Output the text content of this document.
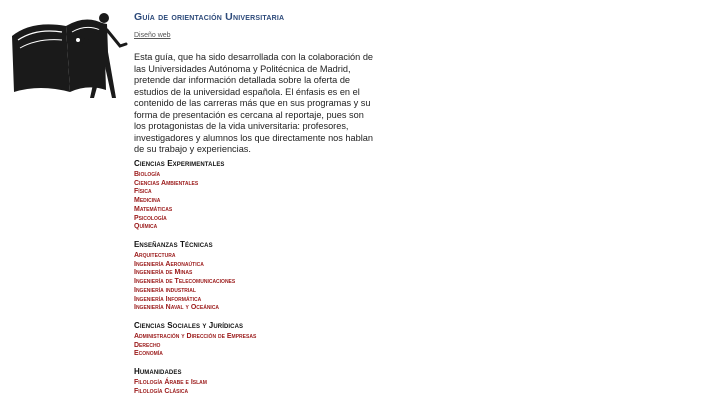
Guía de orientación Universitaria
Diseño web

Esta guía, que ha sido desarrollada con la colaboración de las Universidades Autónoma y Politécnica de Madrid, pretende dar información detallada sobre la oferta de estudios de la universidad española. El énfasis es en el contenido de las carreras más que en sus programas y su forma de presentación es cercana al reportaje, pues son los protagonistas de la vida universitaria: profesores, investigadores y alumnos los que directamente nos hablan de su trabajo y experiencias.

Ciencias Experimentales
Biología
Ciencias Ambientales
Física
Medicina
Matemáticas
Psicología
Química
Enseñanzas Técnicas
Arquitectura
Ingeniería Aeronaútica
Ingeniería de Minas
Ingeniería de Telecomunicaciones
Ingeniería industrial
Ingeniería Informática
Ingeniería Naval y Oceánica
Ciencias Sociales y Jurídicas
Administración y Dirección de Empresas
Derecho
Economía
Humanidades
Filología Árabe e Islam
Filología Clásica
